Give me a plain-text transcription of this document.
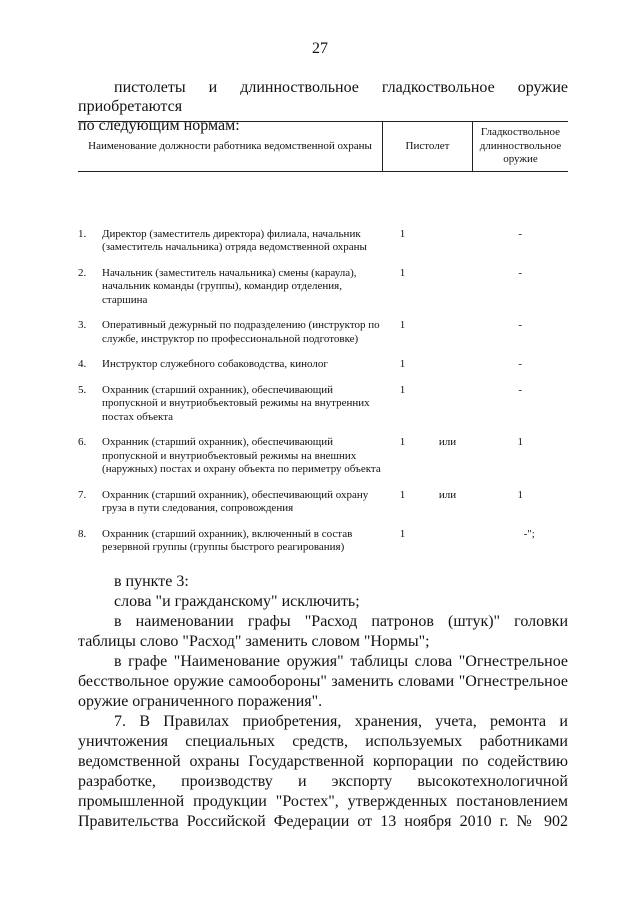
27
пистолеты и длинноствольное гладкоствольное оружие приобретаются
по следующим нормам:
Наименование должности работника ведомственной охраны		Пистолет		Гладкоствольное длинноствольное оружие
1.	Директор (заместитель директора) филиала, начальник (заместитель начальника) отряда ведомственной охраны	1		-
2.	Начальник (заместитель начальника) смены (караула), начальник команды (группы), командир отделения, старшина	1		-
3.	Оперативный дежурный по подразделению (инструктор по службе, инструктор по профессиональной подготовке)	1		-
4.	Инструктор служебного собаководства, кинолог	1		-
5.	Охранник (старший охранник), обеспечивающий пропускной и внутриобъектовый режимы на внутренних постах объекта	1		-
6.	Охранник (старший охранник), обеспечивающий пропускной и внутриобъектовый режимы на внешних (наружных) постах и охрану объекта по периметру объекта	1	или	1
7.	Охранник (старший охранник), обеспечивающий охрану груза в пути следования, сопровождения	1	или	1
8.	Охранник (старший охранник), включенный в состав резервной группы (группы быстрого реагирования)	1		-";

в пункте 3:

слова "и гражданскому" исключить;

в наименовании графы "Расход патронов (штук)" головки таблицы слово "Расход" заменить словом "Нормы";

в графе "Наименование оружия" таблицы слова "Огнестрельное бесствольное оружие самообороны" заменить словами "Огнестрельное оружие ограниченного поражения".

7. В Правилах приобретения, хранения, учета, ремонта и уничтожения специальных средств, используемых работниками ведомственной охраны Государственной корпорации по содействию разработке, производству и экспорту высокотехнологичной промышленной продукции "Ростех", утвержденных постановлением Правительства Российской Федерации от 13 ноября 2010 г. № 902
